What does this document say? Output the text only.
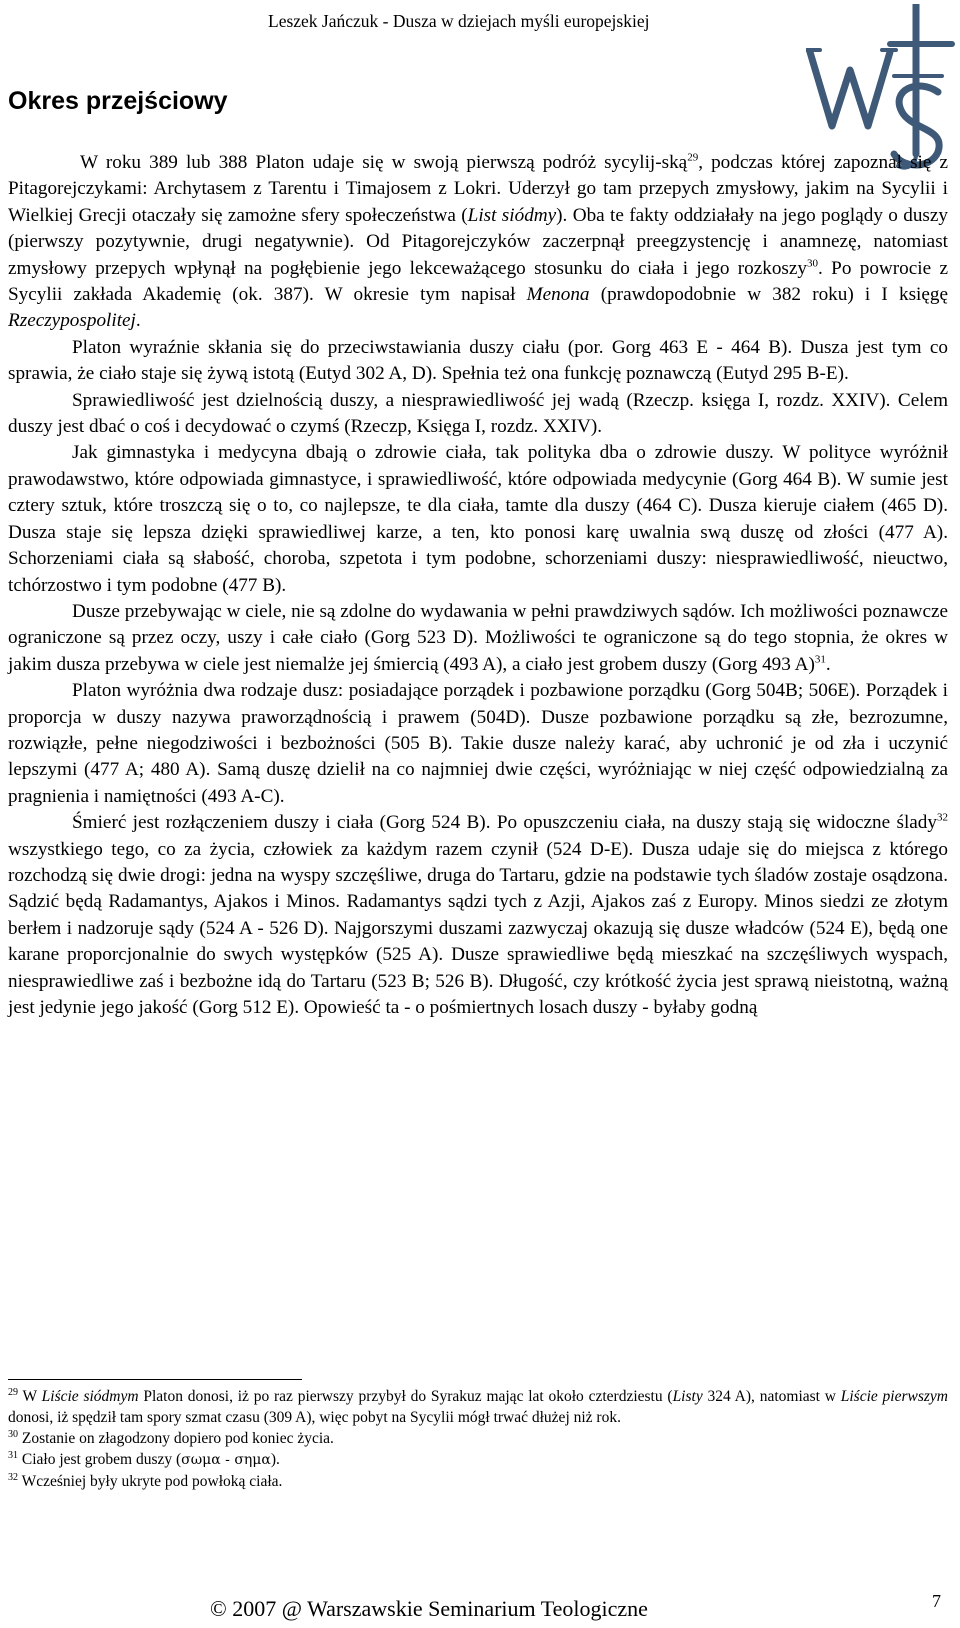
Leszek Jańczuk - Dusza w dziejach myśli europejskiej
Okres przejściowy

W roku 389 lub 388 Platon udaje się w swoją pierwszą podróż sycylij-ską$^{29}$, podczas której zapoznał się z Pitagorejczykami: Archytasem z Tarentu i Timajosem z Lokri. Uderzył go tam przepych zmysłowy, jakim na Sycylii i Wielkiej Grecji otaczały się zamożne sfery społeczeństwa (List siódmy). Oba te fakty oddziałały na jego poglądy o duszy (pierwszy pozytywnie, drugi negatywnie). Od Pitagorejczyków zaczerpnął preegzystencję i anamnezę, natomiast zmysłowy przepych wpłynął na pogłębienie jego lekceważącego stosunku do ciała i jego rozkoszy$^{30}$. Po powrocie z Sycylii zakłada Akademię (ok. 387). W okresie tym napisał Menona (prawdopodobnie w 382 roku) i I księgę Rzeczypospolitej.

Platon wyraźnie skłania się do przeciwstawiania duszy ciału (por. Gorg 463 E - 464 B). Dusza jest tym co sprawia, że ciało staje się żywą istotą (Eutyd 302 A, D). Spełnia też ona funkcję poznawczą (Eutyd 295 B-E).

Sprawiedliwość jest dzielnością duszy, a niesprawiedliwość jej wadą (Rzeczp. księga I, rozdz. XXIV). Celem duszy jest dbać o coś i decydować o czymś (Rzeczp, Księga I, rozdz. XXIV).

Jak gimnastyka i medycyna dbają o zdrowie ciała, tak polityka dba o zdrowie duszy. W polityce wyróżnił prawodawstwo, które odpowiada gimnastyce, i sprawiedliwość, które odpowiada medycynie (Gorg 464 B). W sumie jest cztery sztuk, które troszczą się o to, co najlepsze, te dla ciała, tamte dla duszy (464 C). Dusza kieruje ciałem (465 D). Dusza staje się lepsza dzięki sprawiedliwej karze, a ten, kto ponosi karę uwalnia swą duszę od złości (477 A). Schorzeniami ciała są słabość, choroba, szpetota i tym podobne, schorzeniami duszy: niesprawiedliwość, nieuctwo, tchórzostwo i tym podobne (477 B).

Dusze przebywając w ciele, nie są zdolne do wydawania w pełni prawdziwych sądów. Ich możliwości poznawcze ograniczone są przez oczy, uszy i całe ciało (Gorg 523 D). Możliwości te ograniczone są do tego stopnia, że okres w jakim dusza przebywa w ciele jest niemalże jej śmiercią (493 A), a ciało jest grobem duszy (Gorg 493 A)$^{31}$.

Platon wyróżnia dwa rodzaje dusz: posiadające porządek i pozbawione porządku (Gorg 504B; 506E). Porządek i proporcja w duszy nazywa praworządnością i prawem (504D). Dusze pozbawione porządku są złe, bezrozumne, rozwiązłe, pełne niegodziwości i bezbożności (505 B). Takie dusze należy karać, aby uchronić je od zła i uczynić lepszymi (477 A; 480 A). Samą duszę dzielił na co najmniej dwie części, wyróżniając w niej część odpowiedzialną za pragnienia i namiętności (493 A-C).

Śmierć jest rozłączeniem duszy i ciała (Gorg 524 B). Po opuszczeniu ciała, na duszy stają się widoczne ślady$^{32}$ wszystkiego tego, co za życia, człowiek za każdym razem czynił (524 D-E). Dusza udaje się do miejsca z którego rozchodzą się dwie drogi: jedna na wyspy szczęśliwe, druga do Tartaru, gdzie na podstawie tych śladów zostaje osądzona. Sądzić będą Radamantys, Ajakos i Minos. Radamantys sądzi tych z Azji, Ajakos zaś z Europy. Minos siedzi ze złotym berłem i nadzoruje sądy (524 A - 526 D). Najgorszymi duszami zazwyczaj okazują się dusze władców (524 E), będą one karane proporcjonalnie do swych występków (525 A). Dusze sprawiedliwe będą mieszkać na szczęśliwych wyspach, niesprawiedliwe zaś i bezbożne idą do Tartaru (523 B; 526 B). Długość, czy krótkość życia jest sprawą nieistotną, ważną jest jedynie jego jakość (Gorg 512 E). Opowieść ta - o pośmiertnych losach duszy - byłaby godną

$^{29}$ W Liście siódmym Platon donosi, iż po raz pierwszy przybył do Syrakuz mając lat około czterdziestu (Listy 324 A), natomiast w Liście pierwszym donosi, iż spędził tam spory szmat czasu (309 A), więc pobyt na Sycylii mógł trwać dłużej niż rok.

$^{30}$ Zostanie on złagodzony dopiero pod koniec życia.

$^{31}$ Ciało jest grobem duszy (σωμα - σημα).

$^{32}$ Wcześniej były ukryte pod powłoką ciała.

© 2007 @ Warszawskie Seminarium Teologiczne	7
